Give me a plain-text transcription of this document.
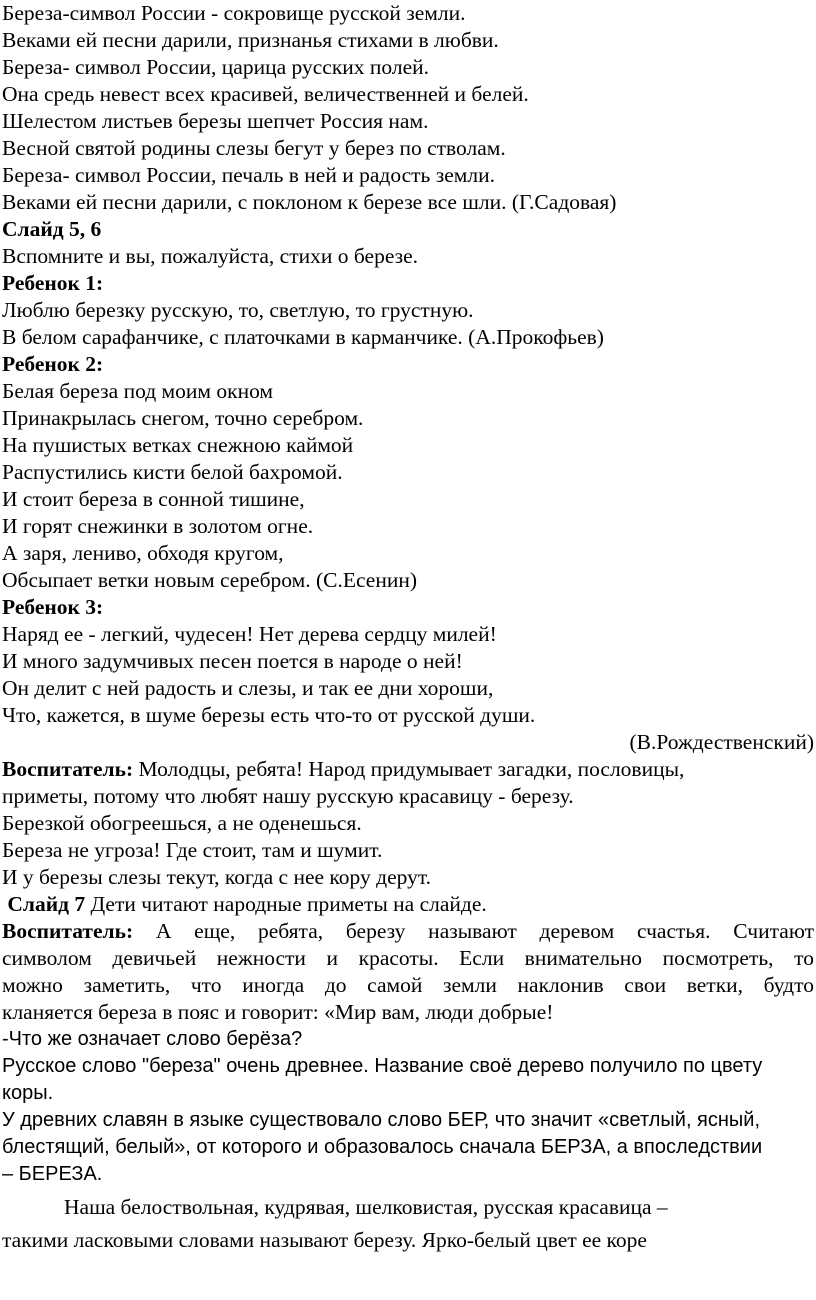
Береза-символ России - сокровище русской земли.
Веками ей песни дарили, признанья стихами в любви.
Береза- символ России, царица русских полей.
Она средь невест всех красивей, величественней и белей.
Шелестом листьев березы шепчет Россия нам.
Весной святой родины слезы бегут у берез по стволам.
Береза- символ России, печаль в ней и радость земли.
Веками ей песни дарили, с поклоном к березе все шли. (Г.Садовая)
Слайд 5, 6
Вспомните и вы, пожалуйста, стихи о березе.
Ребенок 1:
Люблю березку русскую, то, светлую, то грустную.
В белом сарафанчике, с платочками в карманчике. (А.Прокофьев)
Ребенок 2:
Белая береза под моим окном
Принакрылась снегом, точно серебром.
На пушистых ветках снежною каймой
Распустились кисти белой бахромой.
И стоит береза в сонной тишине,
И горят снежинки в золотом огне.
А заря, лениво, обходя кругом,
Обсыпает ветки новым серебром. (С.Есенин)
Ребенок 3:
Наряд ее - легкий, чудесен! Нет дерева сердцу милей!
И много задумчивых песен поется в народе о ней!
Он делит с ней радость и слезы, и так ее дни хороши,
Что, кажется, в шуме березы есть что-то от русской души.
(В.Рождественский)
Воспитатель: Молодцы, ребята! Народ придумывает загадки, пословицы,
приметы, потому что любят нашу русскую красавицу - березу.
Березкой обогреешься, а не оденешься.
Береза не угроза! Где стоит, там и шумит.
И у березы слезы текут, когда с нее кору дерут.
Слайд 7 Дети читают народные приметы на слайде.
Воспитатель: А еще, ребята, березу называют деревом счастья. Считают
символом девичьей нежности и красоты. Если внимательно посмотреть, то
можно заметить, что иногда до самой земли наклонив свои ветки, будто
кланяется береза в пояс и говорит: «Мир вам, люди добрые!
-Что же означает слово берёза?
Русское слово "береза" очень древнее. Название своё дерево получило по цвету
коры.
У древних славян в языке существовало слово БЕР, что значит «светлый, ясный,
блестящий, белый», от которого и образовалось сначала БЕРЗА, а впоследствии
– БЕРЕЗА.
Наша белоствольная, кудрявая, шелковистая, русская красавица –
такими ласковыми словами называют березу. Ярко-белый цвет ее коре
